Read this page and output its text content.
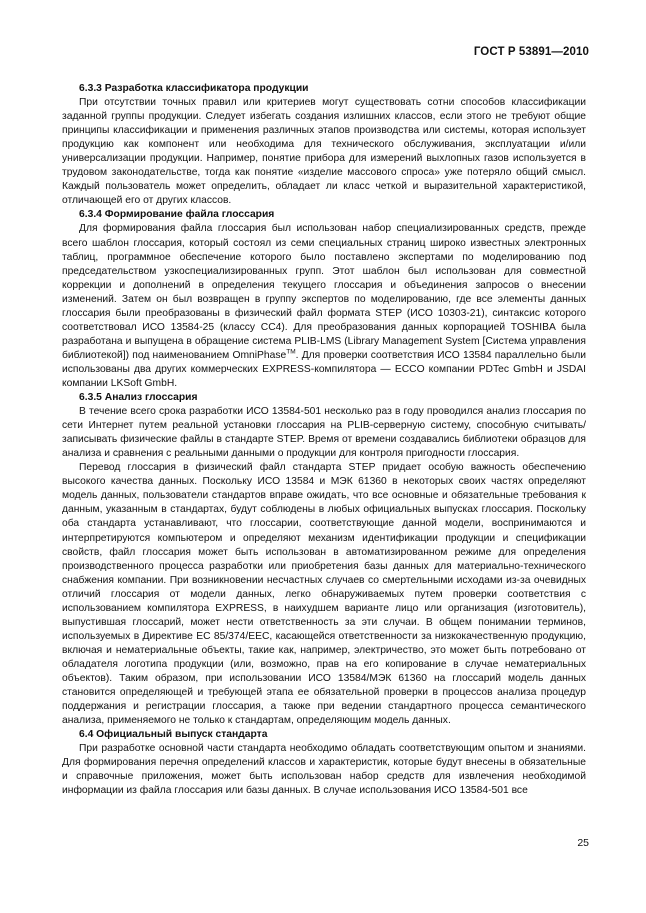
ГОСТ Р 53891—2010
6.3.3 Разработка классификатора продукции

При отсутствии точных правил или критериев могут существовать сотни способов классификации заданной группы продукции. Следует избегать создания излишних классов, если этого не требуют общие принципы классификации и применения различных этапов производства или системы, которая использует продукцию как компонент или необходима для технического обслуживания, эксплуатации и/или универсализации продукции. Например, понятие прибора для измерений выхлопных газов используется в трудовом законодательстве, тогда как понятие «изделие массового спроса» уже потеряло общий смысл. Каждый пользователь может определить, обладает ли класс четкой и выразительной характеристикой, отличающей его от других классов.

6.3.4 Формирование файла глоссария

Для формирования файла глоссария был использован набор специализированных средств, прежде всего шаблон глоссария, который состоял из семи специальных страниц широко известных электронных таблиц, программное обеспечение которого было поставлено экспертами по моделированию под председательством узкоспециализированных групп. Этот шаблон был использован для совместной коррекции и дополнений в определения текущего глоссария и объединения запросов о внесении изменений. Затем он был возвращен в группу экспертов по моделированию, где все элементы данных глоссария были преобразованы в физический файл формата STEP (ИСО 10303-21), синтаксис которого соответствовал ИСО 13584-25 (классу CC4). Для преобразования данных корпорацией TOSHIBA была разработана и выпущена в обращение система PLIB-LMS (Library Management System [Система управления библиотекой]) под наименованием OmniPhase™. Для проверки соответствия ИСО 13584 параллельно были использованы два других коммерческих EXPRESS-компилятора — ECCO компании PDTec GmbH и JSDAI компании LKSoft GmbH.

6.3.5 Анализ глоссария

В течение всего срока разработки ИСО 13584-501 несколько раз в году проводился анализ глоссария по сети Интернет путем реальной установки глоссария на PLIB-серверную систему, способную считывать/записывать физические файлы в стандарте STEP. Время от времени создавались библиотеки образцов для анализа и сравнения с реальными данными о продукции для контроля пригодности глоссария.

Перевод глоссария в физический файл стандарта STEP придает особую важность обеспечению высокого качества данных. Поскольку ИСО 13584 и МЭК 61360 в некоторых своих частях определяют модель данных, пользователи стандартов вправе ожидать, что все основные и обязательные требования к данным, указанным в стандартах, будут соблюдены в любых официальных выпусках глоссария. Поскольку оба стандарта устанавливают, что глоссарии, соответствующие данной модели, воспринимаются и интерпретируются компьютером и определяют механизм идентификации продукции и спецификации свойств, файл глоссария может быть использован в автоматизированном режиме для определения производственного процесса разработки или приобретения базы данных для материально-технического снабжения компании. При возникновении несчастных случаев со смертельными исходами из-за очевидных отличий глоссария от модели данных, легко обнаруживаемых путем проверки соответствия с использованием компилятора EXPRESS, в наихудшем варианте лицо или организация (изготовитель), выпустившая глоссарий, может нести ответственность за эти случаи. В общем понимании терминов, используемых в Директиве EC 85/374/EEC, касающейся ответственности за низкокачественную продукцию, включая и нематериальные объекты, такие как, например, электричество, это может быть потребовано от обладателя логотипа продукции (или, возможно, прав на его копирование в случае нематериальных объектов). Таким образом, при использовании ИСО 13584/МЭК 61360 на глоссарий модель данных становится определяющей и требующей этапа ее обязательной проверки в процессов анализа процедур поддержания и регистрации глоссария, а также при ведении стандартного процесса семантического анализа, применяемого не только к стандартам, определяющим модель данных.

6.4 Официальный выпуск стандарта

При разработке основной части стандарта необходимо обладать соответствующим опытом и знаниями. Для формирования перечня определений классов и характеристик, которые будут внесены в обязательные и справочные приложения, может быть использован набор средств для извлечения необходимой информации из файла глоссария или базы данных. В случае использования ИСО 13584-501 все

25
